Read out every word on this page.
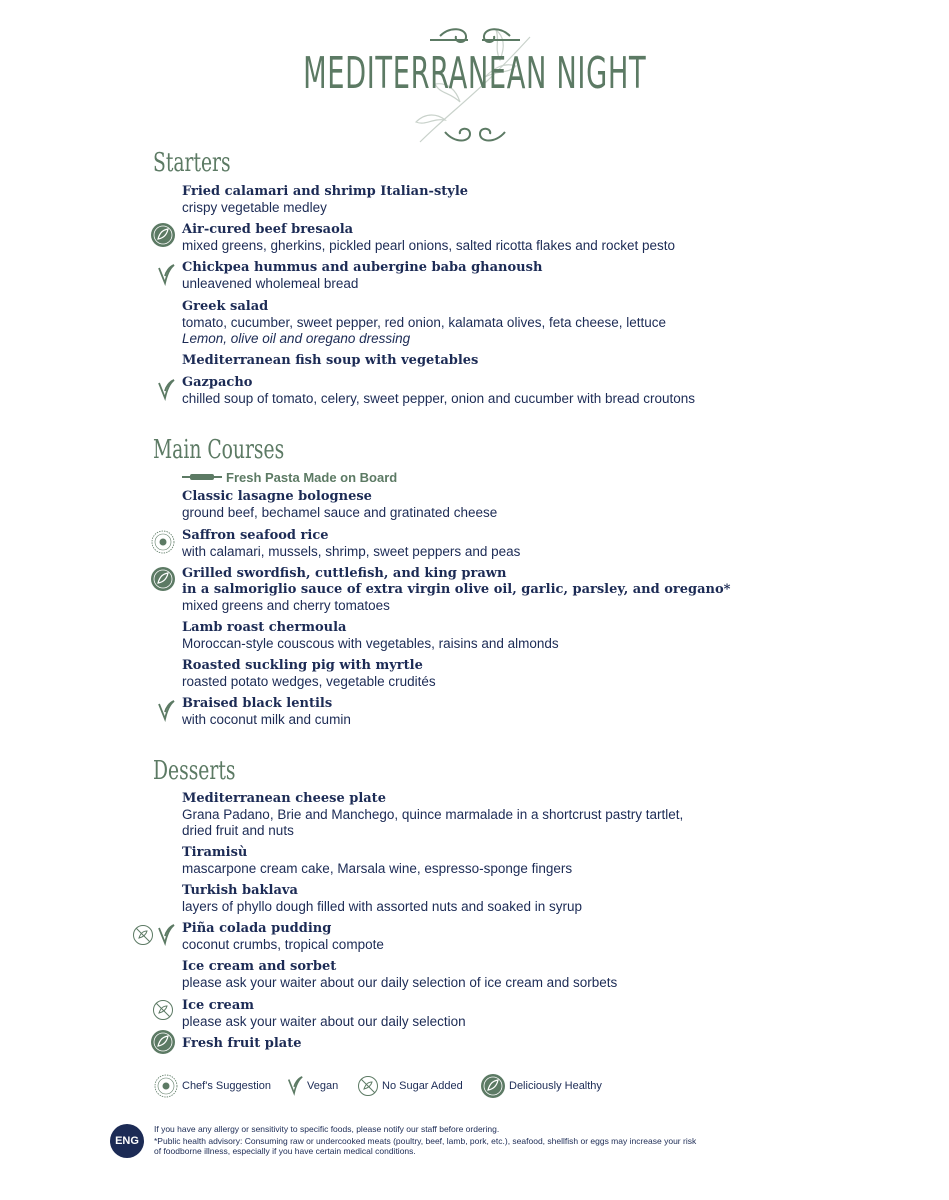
MEDITERRANEAN NIGHT
Starters
Fried calamari and shrimp Italian-style
crispy vegetable medley
Air-cured beef bresaola
mixed greens, gherkins, pickled pearl onions, salted ricotta flakes and rocket pesto
Chickpea hummus and aubergine baba ghanoush
unleavened wholemeal bread
Greek salad
tomato, cucumber, sweet pepper, red onion, kalamata olives, feta cheese, lettuce
Lemon, olive oil and oregano dressing
Mediterranean fish soup with vegetables
Gazpacho
chilled soup of tomato, celery, sweet pepper, onion and cucumber with bread croutons
Main Courses
Fresh Pasta Made on Board
Classic lasagne bolognese
ground beef, bechamel sauce and gratinated cheese
Saffron seafood rice
with calamari, mussels, shrimp, sweet peppers and peas
Grilled swordfish, cuttlefish, and king prawn
in a salmoriglio sauce of extra virgin olive oil, garlic, parsley, and oregano*
mixed greens and cherry tomatoes
Lamb roast chermoula
Moroccan-style couscous with vegetables, raisins and almonds
Roasted suckling pig with myrtle
roasted potato wedges, vegetable crudités
Braised black lentils
with coconut milk and cumin
Desserts
Mediterranean cheese plate
Grana Padano, Brie and Manchego, quince marmalade in a shortcrust pastry tartlet,
dried fruit and nuts
Tiramisù
mascarpone cream cake, Marsala wine, espresso-sponge fingers
Turkish baklava
layers of phyllo dough filled with assorted nuts and soaked in syrup
Piña colada pudding
coconut crumbs, tropical compote
Ice cream and sorbet
please ask your waiter about our daily selection of ice cream and sorbets
Ice cream
please ask your waiter about our daily selection
Fresh fruit plate
Chef's Suggestion	Vegan	No Sugar Added	Deliciously Healthy
ENG
If you have any allergy or sensitivity to specific foods, please notify our staff before ordering.
*Public health advisory: Consuming raw or undercooked meats (poultry, beef, lamb, pork, etc.), seafood, shellfish or eggs may increase your risk
of foodborne illness, especially if you have certain medical conditions.
